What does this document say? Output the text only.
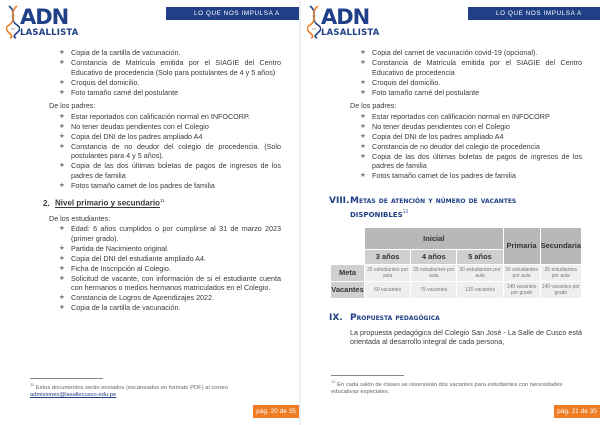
ADN
LASALLISTA
LO QUE NOS IMPULSA A SERVIR
★ Copia de la cartilla de vacunación.
★ Constancia de Matrícula emitida por el SIAGIE del Centro Educativo de procedencia (Solo para postulantes de 4 y 5 años)
★ Croquis del domicilio.
★ Foto tamaño carné del postulante
De los padres:
★ Estar reportados con calificación normal en INFOCORP.
★ No tener deudas pendientes con el Colegio
★ Copia del DNI de los padres ampliado A4
★ Constancia de no deudor del colegio de procedencia. (Solo postulantes para 4 y 5 años).
★ Copia de las dos últimas boletas de pagos de ingresos de los padres de familia
★ Fotos tamaño carnet de los padres de familia
2. Nivel primario y secundario$^{11}$
De los estudiantes:
★ Edad: 6 años cumplidos o por cumplirse al 31 de marzo 2023 (primer grado).
★ Partida de Nacimiento original.
★ Copia del DNI del estudiante ampliado A4.
★ Ficha de Inscripción al Colegio.
★ Solicitud de vacante, con información de si el estudiante cuenta con hermanos o medios hermanos matriculados en el Colegio.
★ Constancia de Logros de Aprendizajes 2022.
★ Copia de la cartilla de vacunación.
$^{11}$ Estos documentos serán enviados (escaneados en formato PDF) al correo admisiones@lasallecusco.edu.pe
pág. 20 de 35
ADN
LASALLISTA
LO QUE NOS IMPULSA A SERVIR
★ Copia del carnet de vacunación covid-19 (opcional).
★ Constancia de Matrícula emitida por el SIAGIE del Centro Educativo de procedencia
★ Croquis del domicilio.
★ Foto tamaño carné del postulante
De los padres:
★ Estar reportados con calificación normal en INFOCORP
★ No tener deudas pendientes con el Colegio
★ Copia del DNI de los padres ampliado A4
★ Constancia de no deudor del colegio de procedencia
★ Copia de las dos últimas boletas de pagos de ingresos de los padres de familia
★ Fotos tamaño carnet de los padres de familia
VIII.Metas de atención y número de vacantes
DISPONIBLES$^{12}$
	Inicial			Primaria	Secundaria
	3 años	4 años	5 años		
Meta	20 estudiantes por aula	25 estudiantes por aula	30 estudiantes por aula	35 estudiantes por aula	35 estudiantes por aula
Vacantes	60 vacantes	75 vacantes	120 vacantes	140 vacantes por grado	140 vacantes por grado
IX. Propuesta pedagógica
La propuesta pedagógica del Colegio San José - La Salle de Cusco está orientada al desarrollo integral de cada persona,
$^{12}$ En cada salón de clases se reservarán dos vacantes para estudiantes con necesidades educativas especiales.
pág. 21 de 35
